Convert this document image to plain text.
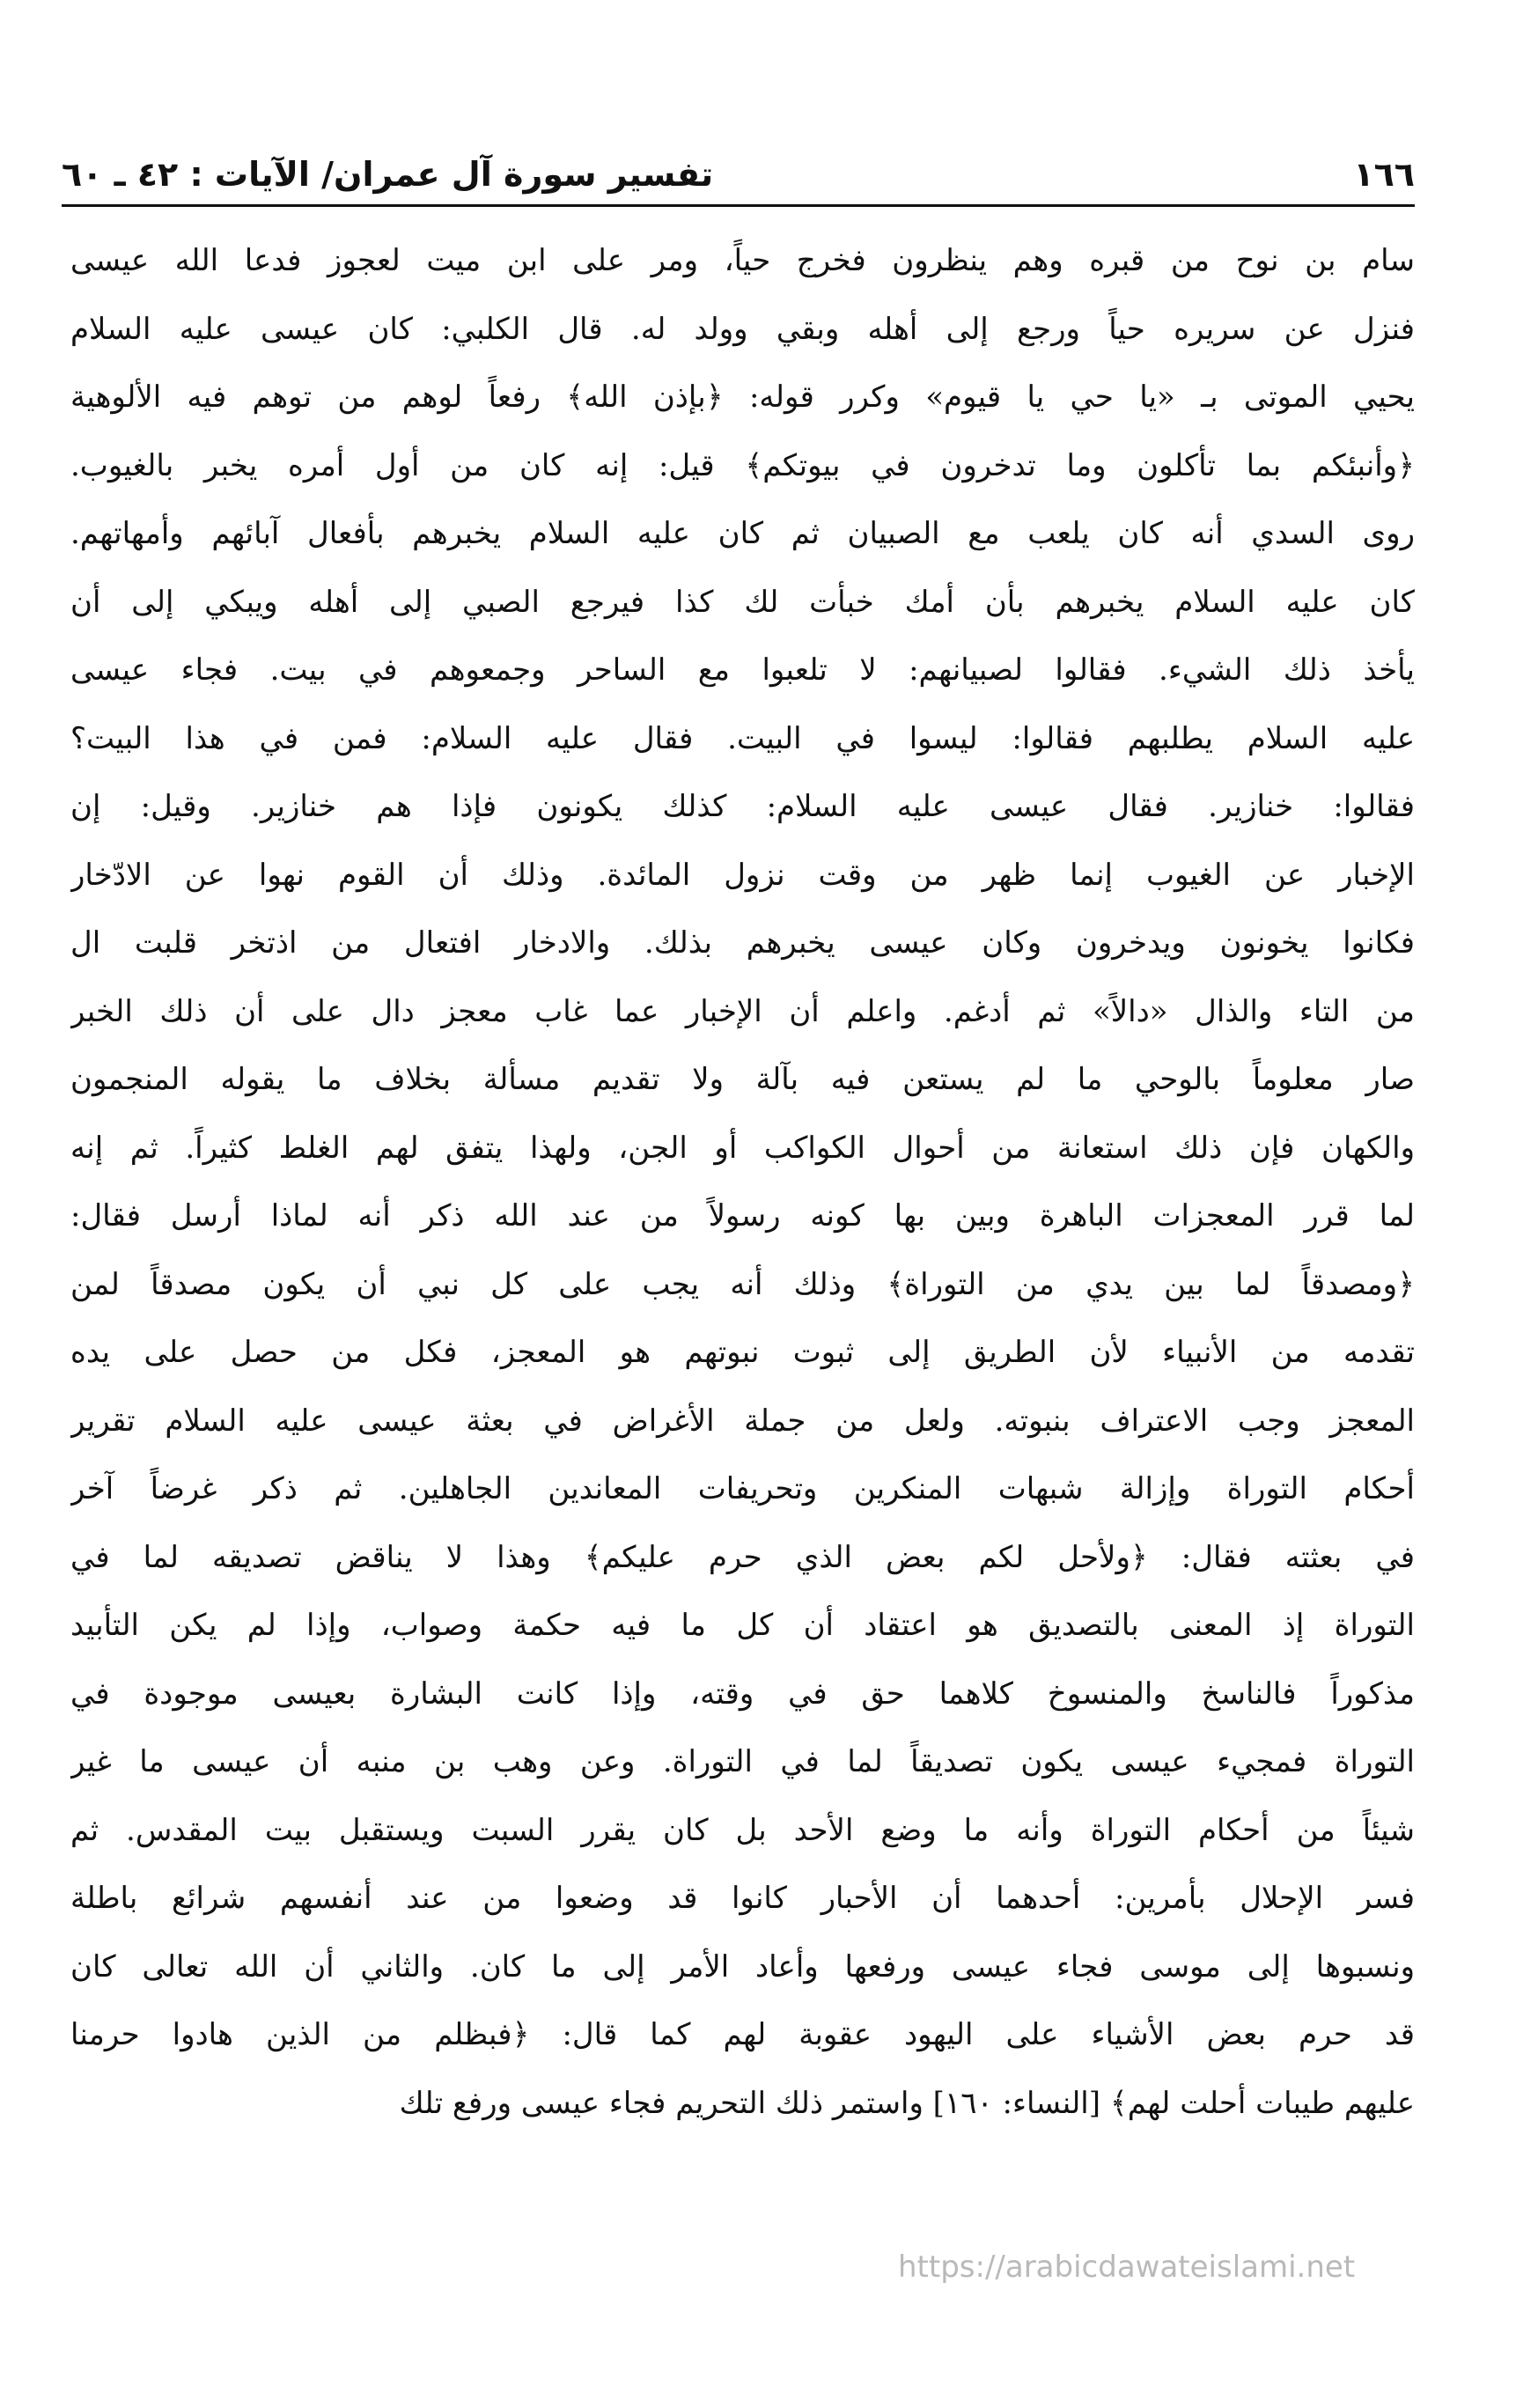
١٦٦
تفسير سورة آل عمران/ الآيات : ٤٢ ـ ٦٠
سام بن نوح من قبره وهم ينظرون فخرج حياً، ومر على ابن ميت لعجوز فدعا الله عيسى
فنزل عن سريره حياً ورجع إلى أهله وبقي وولد له. قال الكلبي: كان عيسى عليه السلام
يحيي الموتى بـ «يا حي يا قيوم» وكرر قوله: ﴿بإذن الله﴾ رفعاً لوهم من توهم فيه الألوهية
﴿وأنبئكم بما تأكلون وما تدخرون في بيوتكم﴾ قيل: إنه كان من أول أمره يخبر بالغيوب.
روى السدي أنه كان يلعب مع الصبيان ثم كان عليه السلام يخبرهم بأفعال آبائهم وأمهاتهم.
كان عليه السلام يخبرهم بأن أمك خبأت لك كذا فيرجع الصبي إلى أهله ويبكي إلى أن
يأخذ ذلك الشيء. فقالوا لصبيانهم: لا تلعبوا مع الساحر وجمعوهم في بيت. فجاء عيسى
عليه السلام يطلبهم فقالوا: ليسوا في البيت. فقال عليه السلام: فمن في هذا البيت؟
فقالوا: خنازير. فقال عيسى عليه السلام: كذلك يكونون فإذا هم خنازير. وقيل: إن
الإخبار عن الغيوب إنما ظهر من وقت نزول المائدة. وذلك أن القوم نهوا عن الادّخار
فكانوا يخونون ويدخرون وكان عيسى يخبرهم بذلك. والادخار افتعال من اذتخر قلبت ال
من التاء والذال «دالاً» ثم أدغم. واعلم أن الإخبار عما غاب معجز دال على أن ذلك الخبر
صار معلوماً بالوحي ما لم يستعن فيه بآلة ولا تقديم مسألة بخلاف ما يقوله المنجمون
والكهان فإن ذلك استعانة من أحوال الكواكب أو الجن، ولهذا يتفق لهم الغلط كثيراً. ثم إنه
لما قرر المعجزات الباهرة وبين بها كونه رسولاً من عند الله ذكر أنه لماذا أرسل فقال:
﴿ومصدقاً لما بين يدي من التوراة﴾ وذلك أنه يجب على كل نبي أن يكون مصدقاً لمن
تقدمه من الأنبياء لأن الطريق إلى ثبوت نبوتهم هو المعجز، فكل من حصل على يده
المعجز وجب الاعتراف بنبوته. ولعل من جملة الأغراض في بعثة عيسى عليه السلام تقرير
أحكام التوراة وإزالة شبهات المنكرين وتحريفات المعاندين الجاهلين. ثم ذكر غرضاً آخر
في بعثته فقال: ﴿ولأحل لكم بعض الذي حرم عليكم﴾ وهذا لا يناقض تصديقه لما في
التوراة إذ المعنى بالتصديق هو اعتقاد أن كل ما فيه حكمة وصواب، وإذا لم يكن التأبيد
مذكوراً فالناسخ والمنسوخ كلاهما حق في وقته، وإذا كانت البشارة بعيسى موجودة في
التوراة فمجيء عيسى يكون تصديقاً لما في التوراة. وعن وهب بن منبه أن عيسى ما غير
شيئاً من أحكام التوراة وأنه ما وضع الأحد بل كان يقرر السبت ويستقبل بيت المقدس. ثم
فسر الإحلال بأمرين: أحدهما أن الأحبار كانوا قد وضعوا من عند أنفسهم شرائع باطلة
ونسبوها إلى موسى فجاء عيسى ورفعها وأعاد الأمر إلى ما كان. والثاني أن الله تعالى كان
قد حرم بعض الأشياء على اليهود عقوبة لهم كما قال: ﴿فبظلم من الذين هادوا حرمنا
عليهم طيبات أحلت لهم﴾ [النساء: ١٦٠] واستمر ذلك التحريم فجاء عيسى ورفع تلك
https://arabicdawateislami.net
